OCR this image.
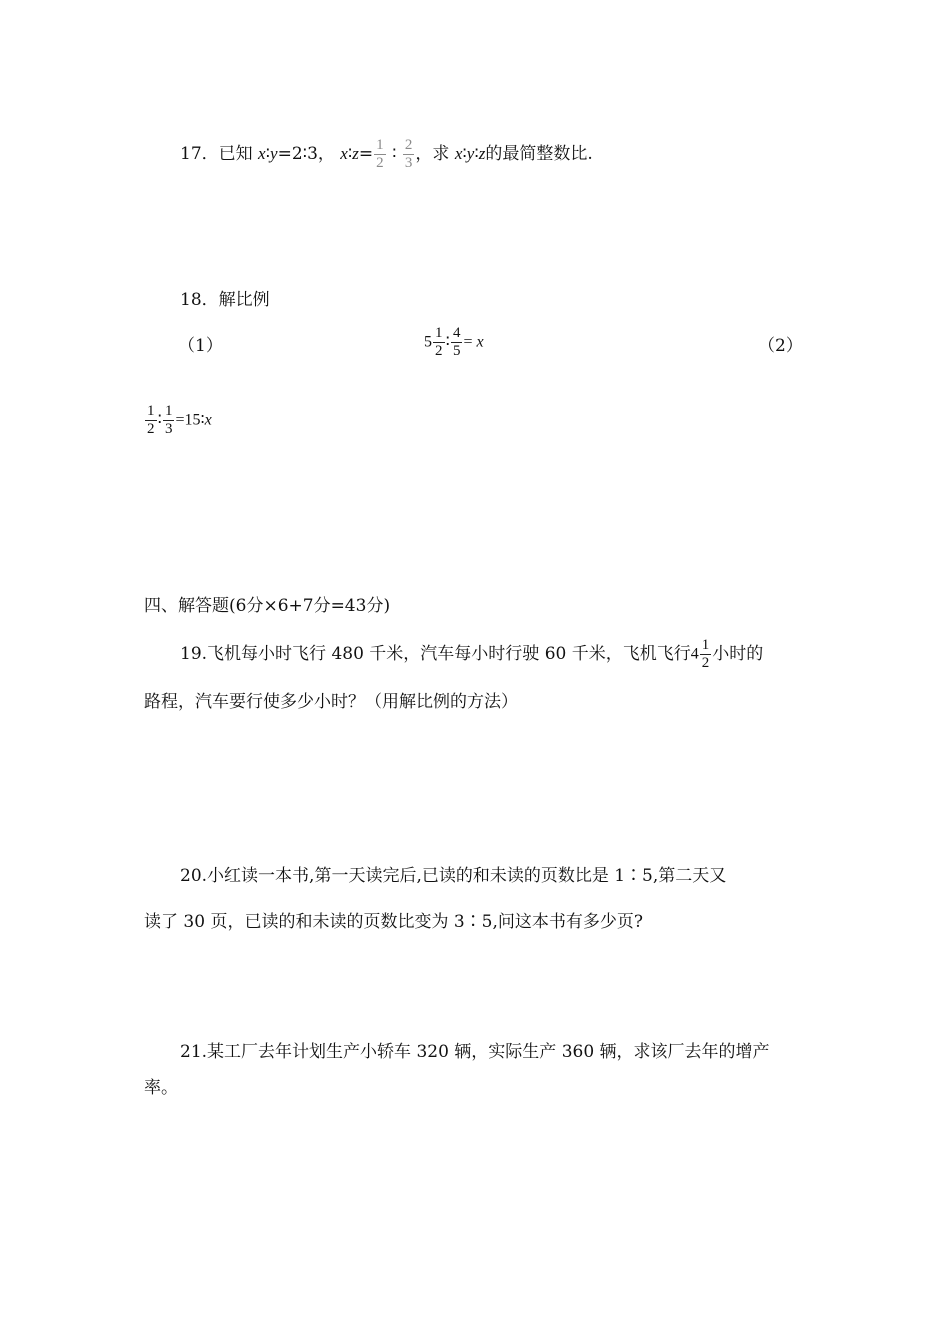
17．已知 x∶y=2∶3， x∶z= $\frac{1}{2}$ ∶ $\frac{2}{3}$ ，求 x∶y∶z的最简整数比.
18．解比例
（1）	$5 \frac{1}{2}$ ∶ $\frac{4}{5} = x$	（2）
$\frac{1}{2}$ ∶ $\frac{1}{3}$ =15∶x
四、解答题(6分×6+7分=43分)
19.飞机每小时飞行 480 千米，汽车每小时行驶 60 千米，飞机飞行$4 \frac{1}{2}$ 小时的
路程，汽车要行使多少小时？（用解比例的方法）
20.小红读一本书,第一天读完后,已读的和未读的页数比是 1∶5,第二天又
读了 30 页，已读的和未读的页数比变为 3∶5,问这本书有多少页?
21.某工厂去年计划生产小轿车 320 辆，实际生产 360 辆，求该厂去年的增产
率。
